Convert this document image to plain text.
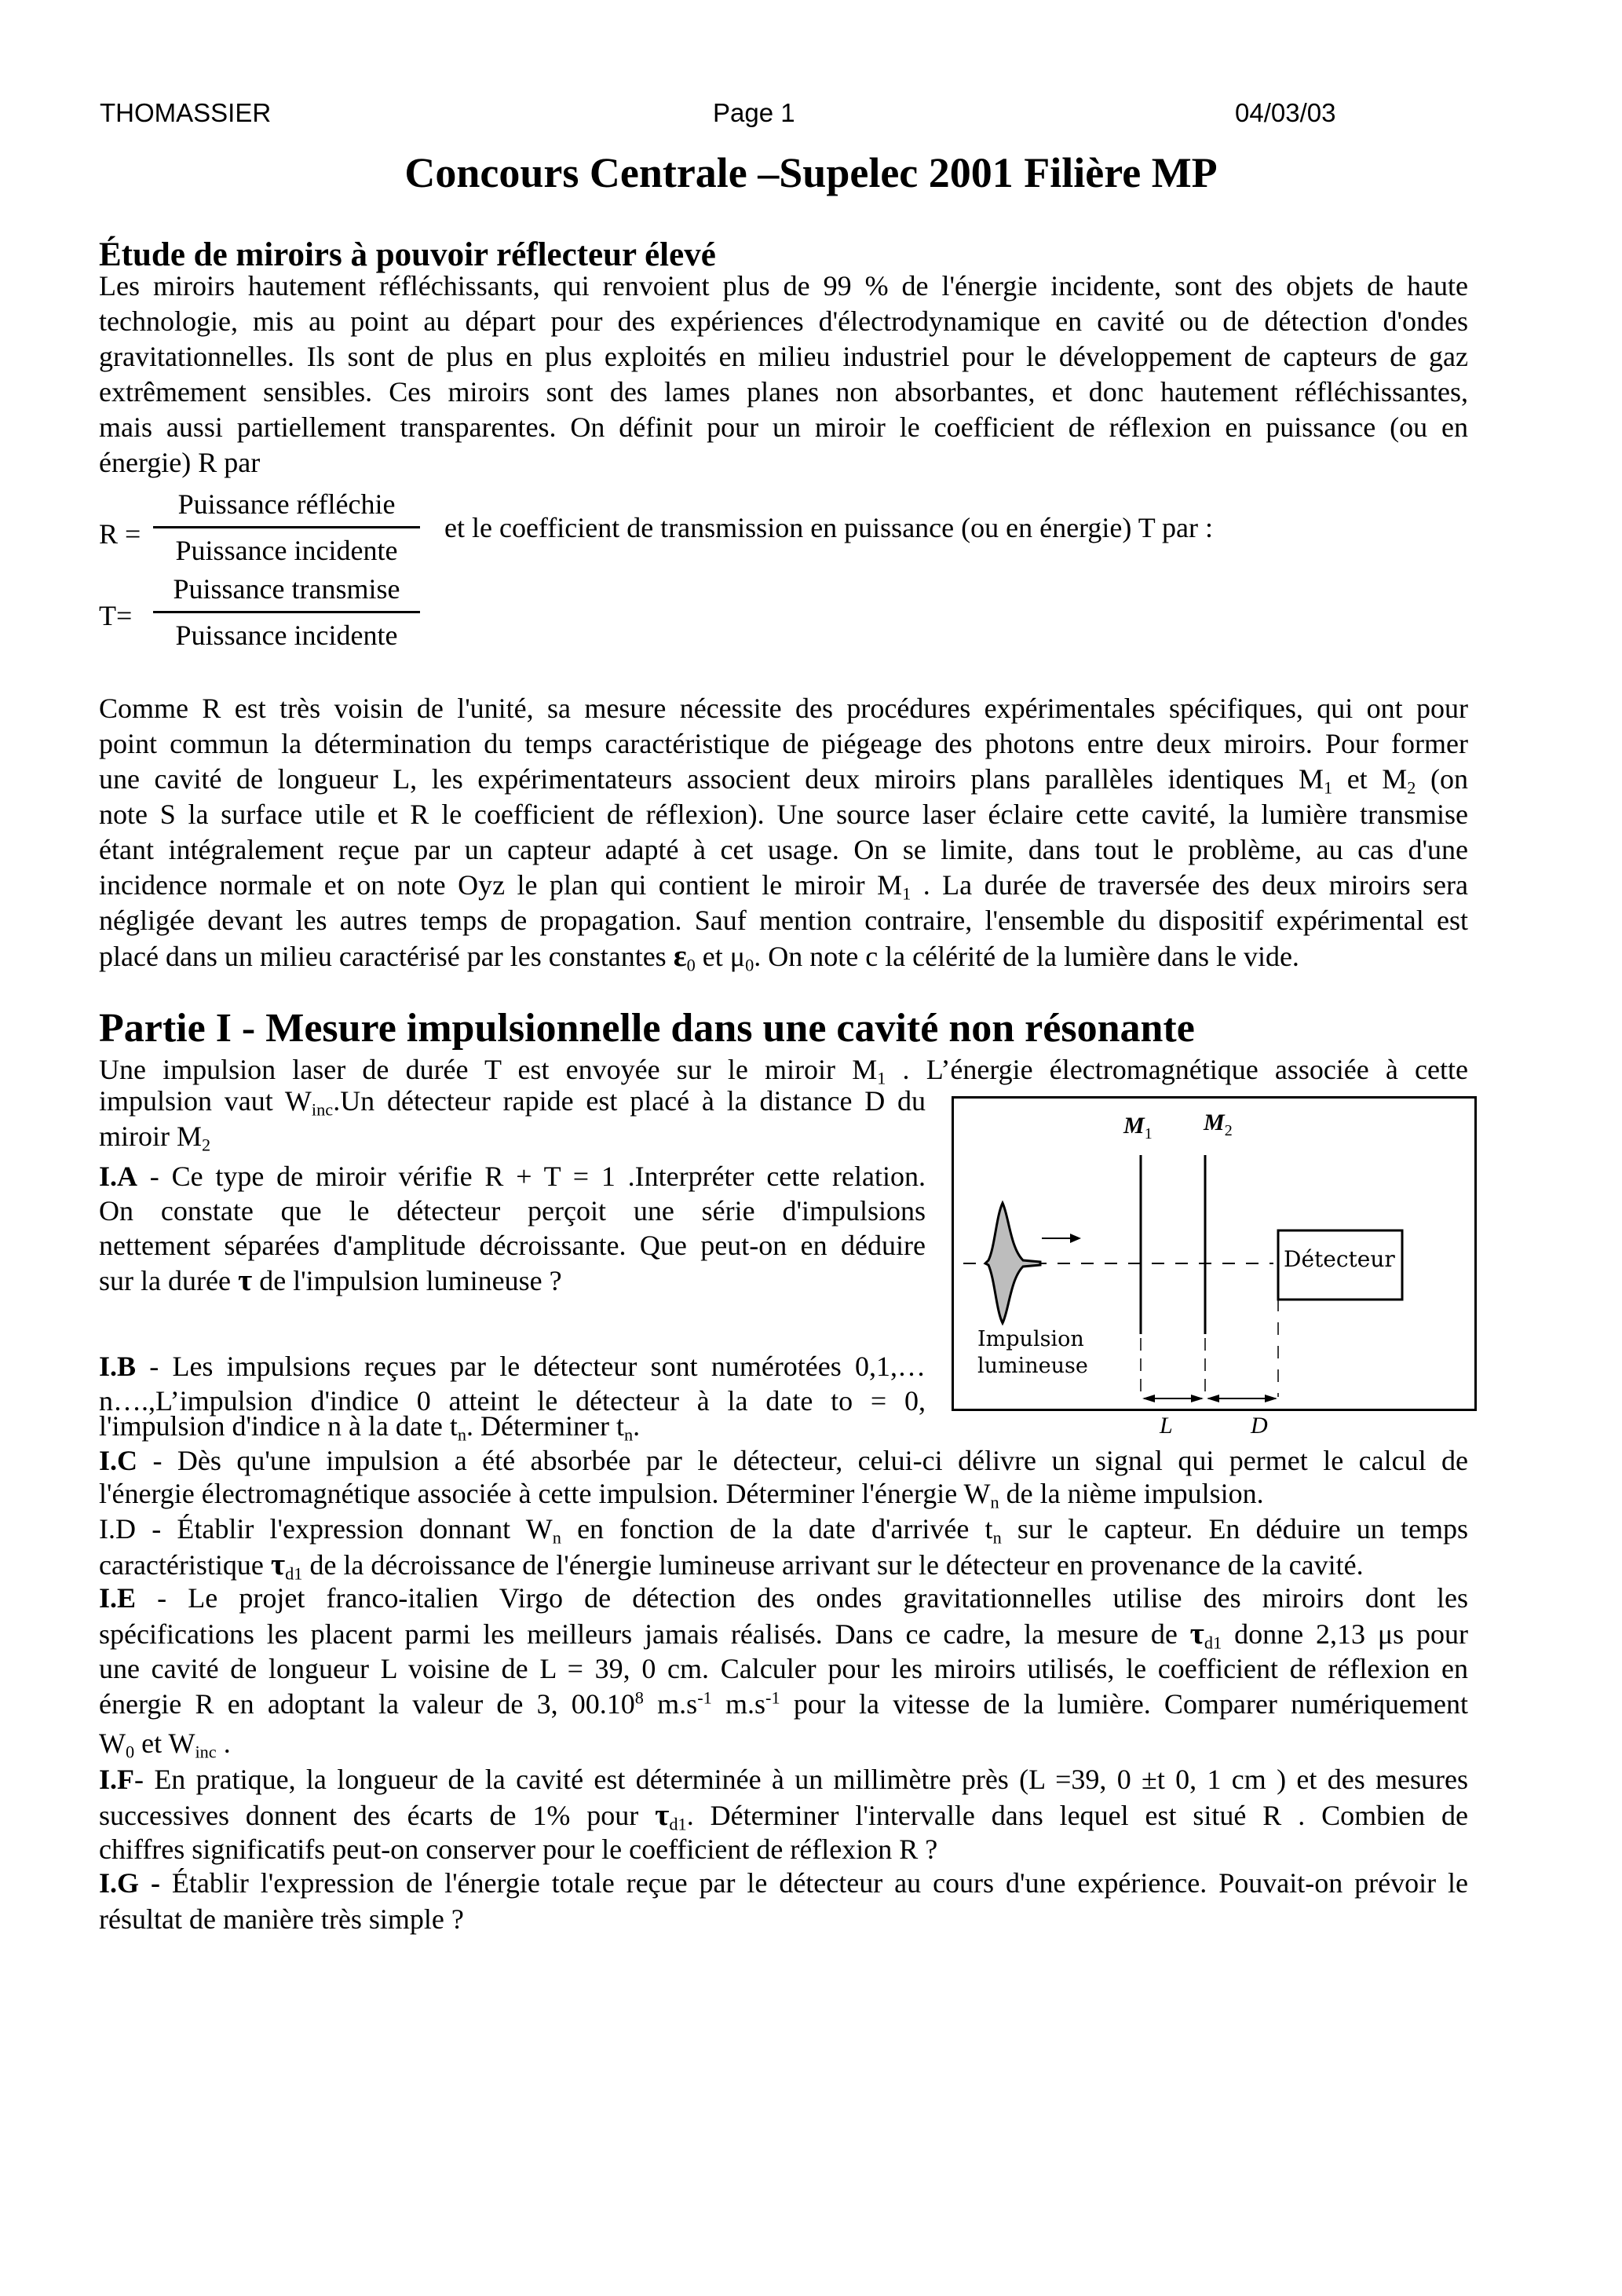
THOMASSIER	Page 1	04/03/03
Concours Centrale –Supelec 2001 Filière MP
Étude de miroirs à pouvoir réflecteur élevé
Les miroirs hautement réfléchissants, qui renvoient plus de 99 % de l'énergie incidente, sont des objets de haute
technologie, mis au point au départ pour des expériences d'électrodynamique en cavité ou de détection d'ondes
gravitationnelles. Ils sont de plus en plus exploités en milieu industriel pour le développement de capteurs de gaz
extrêmement sensibles. Ces miroirs sont des lames planes non absorbantes, et donc hautement réfléchissantes,
mais aussi partiellement transparentes. On définit pour un miroir le coefficient de réflexion en puissance (ou en
énergie) R par
R =
Puissance réfléchie
Puissance incidente
et le coefficient de transmission en puissance (ou en énergie) T par :
T=
Puissance transmise
Puissance incidente
Comme R est très voisin de l'unité, sa mesure nécessite des procédures expérimentales spécifiques, qui ont pour
point commun la détermination du temps caractéristique de piégeage des photons entre deux miroirs. Pour former
une cavité de longueur L, les expérimentateurs associent deux miroirs plans parallèles identiques $M_1$ et $M_2$ (on
note S la surface utile et R le coefficient de réflexion). Une source laser éclaire cette cavité, la lumière transmise
étant intégralement reçue par un capteur adapté à cet usage. On se limite, dans tout le problème, au cas d'une
incidence normale et on note Oyz le plan qui contient le miroir $M_1$ . La durée de traversée des deux miroirs sera
négligée devant les autres temps de propagation. Sauf mention contraire, l'ensemble du dispositif expérimental est
placé dans un milieu caractérisé par les constantes $\varepsilon_0$ et $\mu_0$. On note c la célérité de la lumière dans le vide.
Partie I - Mesure impulsionnelle dans une cavité non résonante
Une impulsion laser de durée T est envoyée sur le miroir $M_1$ . L’énergie électromagnétique associée à cette
impulsion vaut $W_{inc}.Un$ détecteur rapide est placé à la distance D du
miroir $M_2$
I.A - Ce type de miroir vérifie R + T = 1 .Interpréter cette relation.
On constate que le détecteur perçoit une série d'impulsions
nettement séparées d'amplitude décroissante. Que peut-on en déduire
sur la durée τ de l'impulsion lumineuse ?
I.B - Les impulsions reçues par le détecteur sont numérotées 0,1,…
n….,L’impulsion d'indice 0 atteint le détecteur à la date to = 0,
l'impulsion d'indice n à la date $t_n$. Déterminer $t_n$.
I.C - Dès qu'une impulsion a été absorbée par le détecteur, celui-ci délivre un signal qui permet le calcul de
l'énergie électromagnétique associée à cette impulsion. Déterminer l'énergie $W_n$ de la nième impulsion.
I.D - Établir l'expression donnant $W_n$ en fonction de la date d'arrivée $t_n$ sur le capteur. En déduire un temps
caractéristique $\tau_{d1}$ de la décroissance de l'énergie lumineuse arrivant sur le détecteur en provenance de la cavité.
I.E - Le projet franco-italien Virgo de détection des ondes gravitationnelles utilise des miroirs dont les
spécifications les placent parmi les meilleurs jamais réalisés. Dans ce cadre, la mesure de $\tau_{d1}$ donne 2,13 μs pour
une cavité de longueur L voisine de L = 39, 0 cm. Calculer pour les miroirs utilisés, le coefficient de réflexion en
énergie R en adoptant la valeur de 3, 00.10$^8$ $m.s^{-1}$ $m.s^{-1}$ pour la vitesse de la lumière. Comparer numériquement
$W_0$ et $W_{inc}$ .
I.F- En pratique, la longueur de la cavité est déterminée à un millimètre près (L =39, 0 ±t 0, 1 cm ) et des mesures
successives donnent des écarts de 1% pour $\tau_{d1}$. Déterminer l'intervalle dans lequel est situé R . Combien de
chiffres significatifs peut-on conserver pour le coefficient de réflexion R ?
I.G - Établir l'expression de l'énergie totale reçue par le détecteur au cours d'une expérience. Pouvait-on prévoir le
résultat de manière très simple ?
$M_1$ $M_2$
Détecteur
Impulsion
lumineuse
L	D
